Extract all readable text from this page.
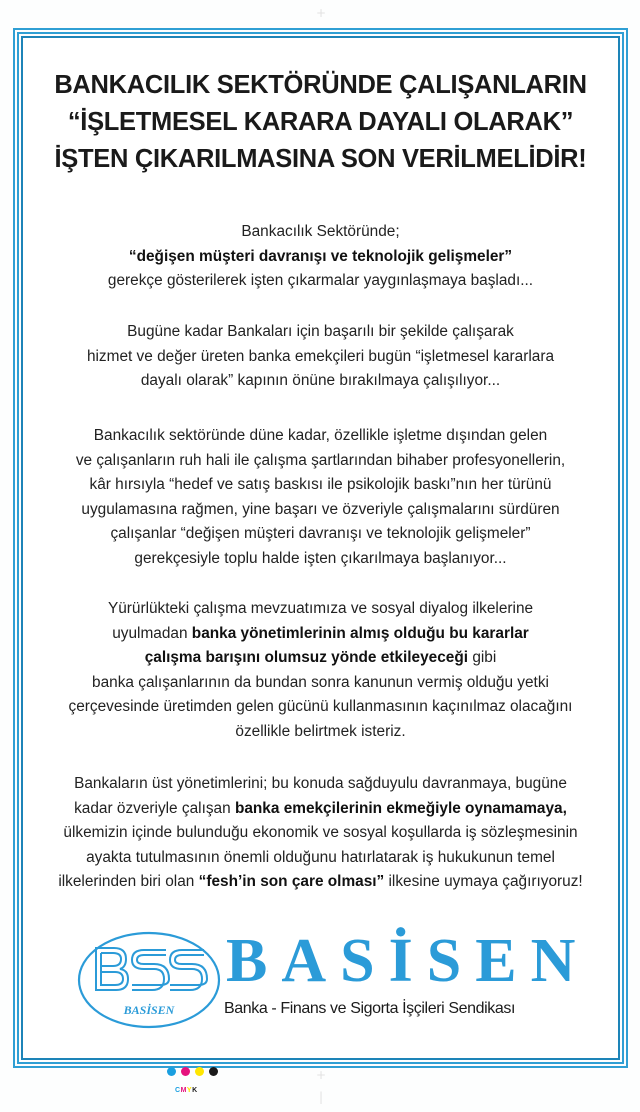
+
BANKACILIK SEKTÖRÜNDE ÇALIŞANLARIN
“İŞLETMESEL KARARA DAYALI OLARAK”
İŞTEN ÇIKARILMASINA SON VERİLMELİDİR!
Bankacılık Sektöründe;
“değişen müşteri davranışı ve teknolojik gelişmeler”
gerekçe gösterilerek işten çıkarmalar yaygınlaşmaya başladı...
Bugüne kadar Bankaları için başarılı bir şekilde çalışarak
hizmet ve değer üreten banka emekçileri bugün “işletmesel kararlara
dayalı olarak” kapının önüne bırakılmaya çalışılıyor...
Bankacılık sektöründe düne kadar, özellikle işletme dışından gelen
ve çalışanların ruh hali ile çalışma şartlarından bihaber profesyonellerin,
kâr hırsıyla “hedef ve satış baskısı ile psikolojik baskı”nın her türünü
uygulamasına rağmen, yine başarı ve özveriyle çalışmalarını sürdüren
çalışanlar “değişen müşteri davranışı ve teknolojik gelişmeler”
gerekçesiyle toplu halde işten çıkarılmaya başlanıyor...
Yürürlükteki çalışma mevzuatımıza ve sosyal diyalog ilkelerine
uyulmadan banka yönetimlerinin almış olduğu bu kararlar
çalışma barışını olumsuz yönde etkileyeceği gibi
banka çalışanlarının da bundan sonra kanunun vermiş olduğu yetki
çerçevesinde üretimden gelen gücünü kullanmasının kaçınılmaz olacağını
özellikle belirtmek isteriz.
Bankaların üst yönetimlerini; bu konuda sağduyulu davranmaya, bugüne
kadar özveriyle çalışan banka emekçilerinin ekmeğiyle oynamamaya,
ülkemizin içinde bulunduğu ekonomik ve sosyal koşullarda iş sözleşmesinin
ayakta tutulmasının önemli olduğunu hatırlatarak iş hukukunun temel
ilkelerinden biri olan “fesh’in son çare olması” ilkesine uymaya çağırıyoruz!
BASİSEN
BASİSEN
Banka - Finans ve Sigorta İşçileri Sendikası
CMYK
+
|
